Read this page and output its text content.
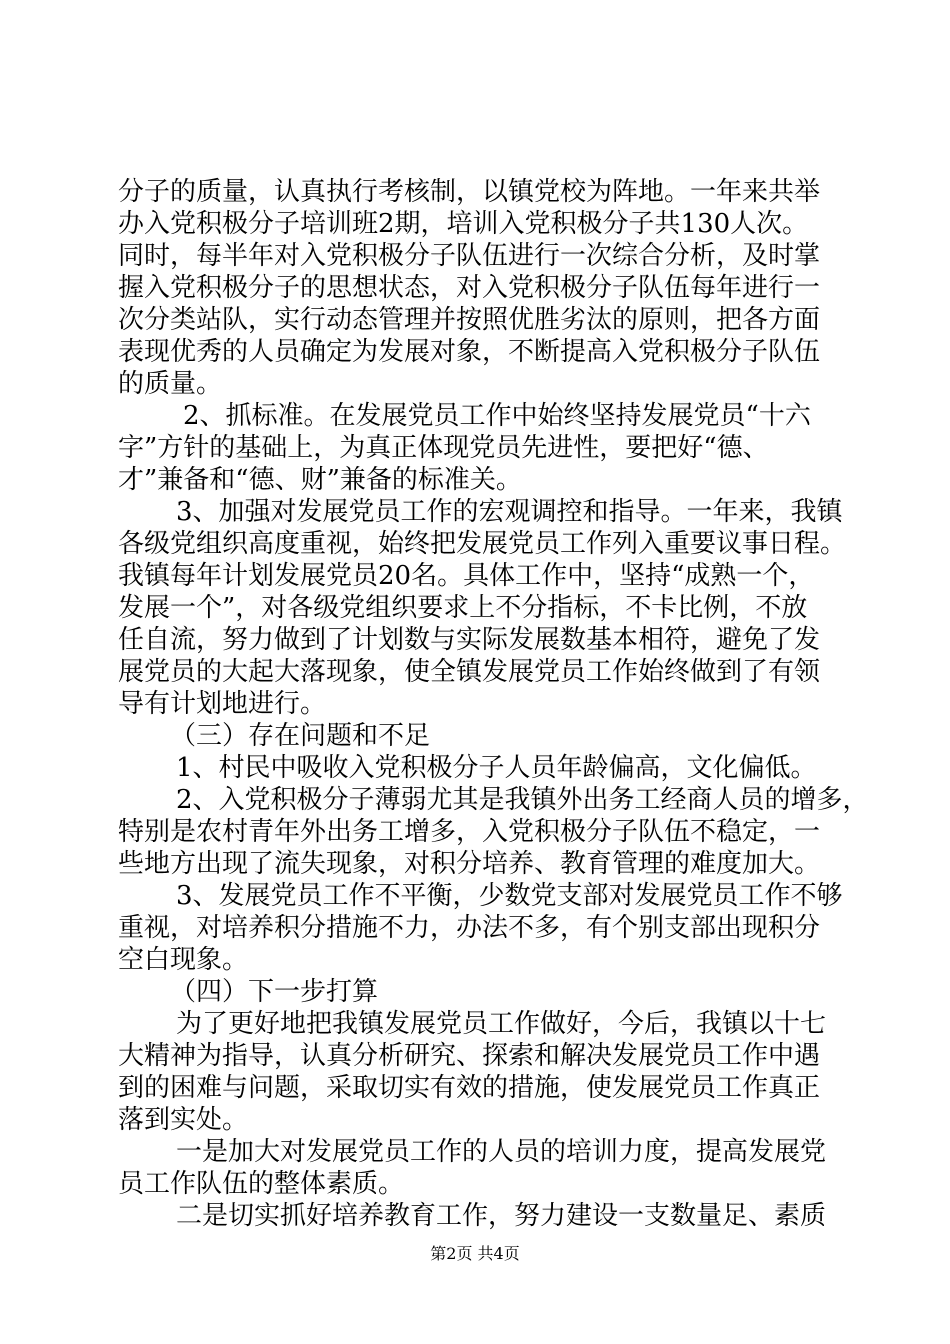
分子的质量，认真执行考核制，以镇党校为阵地。一年来共举
办入党积极分子培训班2期，培训入党积极分子共130人次。
同时，每半年对入党积极分子队伍进行一次综合分析，及时掌
握入党积极分子的思想状态，对入党积极分子队伍每年进行一
次分类站队，实行动态管理并按照优胜劣汰的原则，把各方面
表现优秀的人员确定为发展对象，不断提高入党积极分子队伍
的质量。
2、抓标准。在发展党员工作中始终坚持发展党员“十六
字”方针的基础上，为真正体现党员先进性，要把好“德、
才”兼备和“德、财”兼备的标准关。
3、加强对发展党员工作的宏观调控和指导。一年来，我镇
各级党组织高度重视，始终把发展党员工作列入重要议事日程。
我镇每年计划发展党员20名。具体工作中，坚持“成熟一个，
发展一个”，对各级党组织要求上不分指标，不卡比例，不放
任自流，努力做到了计划数与实际发展数基本相符，避免了发
展党员的大起大落现象，使全镇发展党员工作始终做到了有领
导有计划地进行。
（三）存在问题和不足
1、村民中吸收入党积极分子人员年龄偏高，文化偏低。
2、入党积极分子薄弱尤其是我镇外出务工经商人员的增多，
特别是农村青年外出务工增多，入党积极分子队伍不稳定，一
些地方出现了流失现象，对积分培养、教育管理的难度加大。
3、发展党员工作不平衡，少数党支部对发展党员工作不够
重视，对培养积分措施不力，办法不多，有个别支部出现积分
空白现象。
（四）下一步打算
为了更好地把我镇发展党员工作做好，今后，我镇以十七
大精神为指导，认真分析研究、探索和解决发展党员工作中遇
到的困难与问题，采取切实有效的措施，使发展党员工作真正
落到实处。
一是加大对发展党员工作的人员的培训力度，提高发展党
员工作队伍的整体素质。
二是切实抓好培养教育工作，努力建设一支数量足、素质
第2页 共4页
